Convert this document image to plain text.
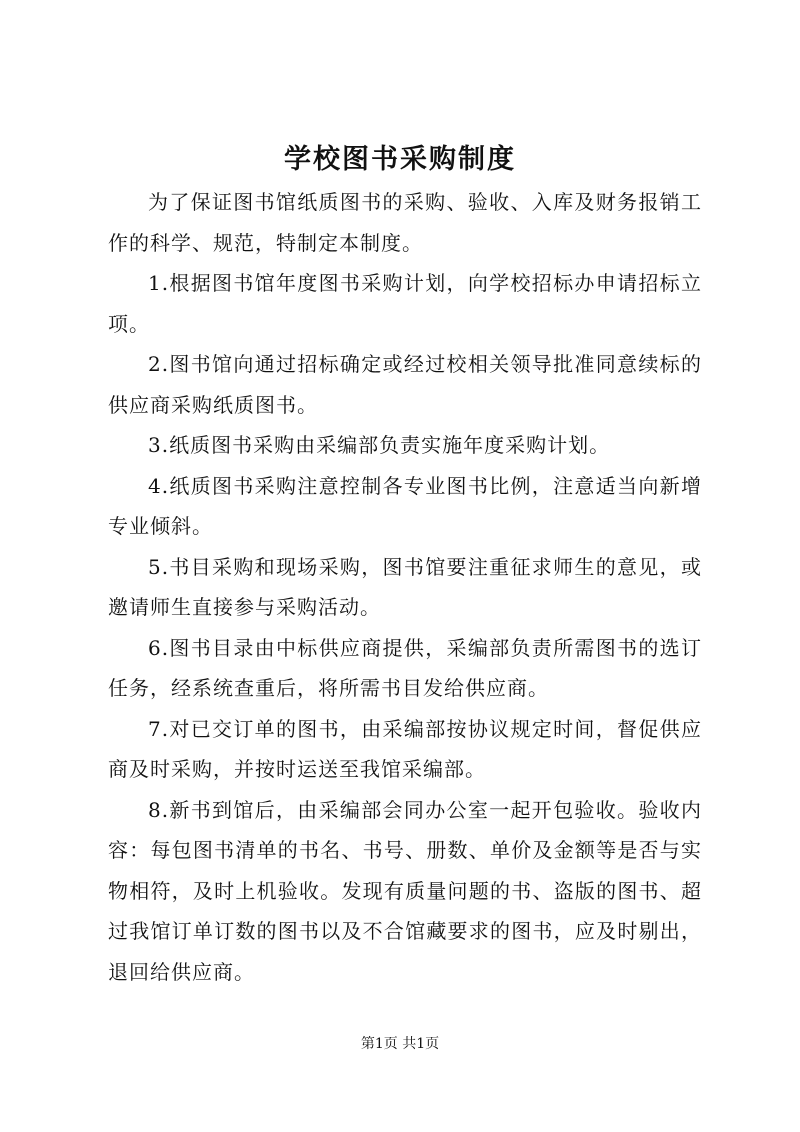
学校图书采购制度

为了保证图书馆纸质图书的采购、验收、入库及财务报销工作的科学、规范，特制定本制度。

1.根据图书馆年度图书采购计划，向学校招标办申请招标立项。

2.图书馆向通过招标确定或经过校相关领导批准同意续标的供应商采购纸质图书。

3.纸质图书采购由采编部负责实施年度采购计划。

4.纸质图书采购注意控制各专业图书比例，注意适当向新增专业倾斜。

5.书目采购和现场采购，图书馆要注重征求师生的意见，或邀请师生直接参与采购活动。

6.图书目录由中标供应商提供，采编部负责所需图书的选订任务，经系统查重后，将所需书目发给供应商。

7.对已交订单的图书，由采编部按协议规定时间，督促供应商及时采购，并按时运送至我馆采编部。

8.新书到馆后，由采编部会同办公室一起开包验收。验收内容：每包图书清单的书名、书号、册数、单价及金额等是否与实物相符，及时上机验收。发现有质量问题的书、盗版的图书、超过我馆订单订数的图书以及不合馆藏要求的图书，应及时剔出，退回给供应商。

第1页 共1页
